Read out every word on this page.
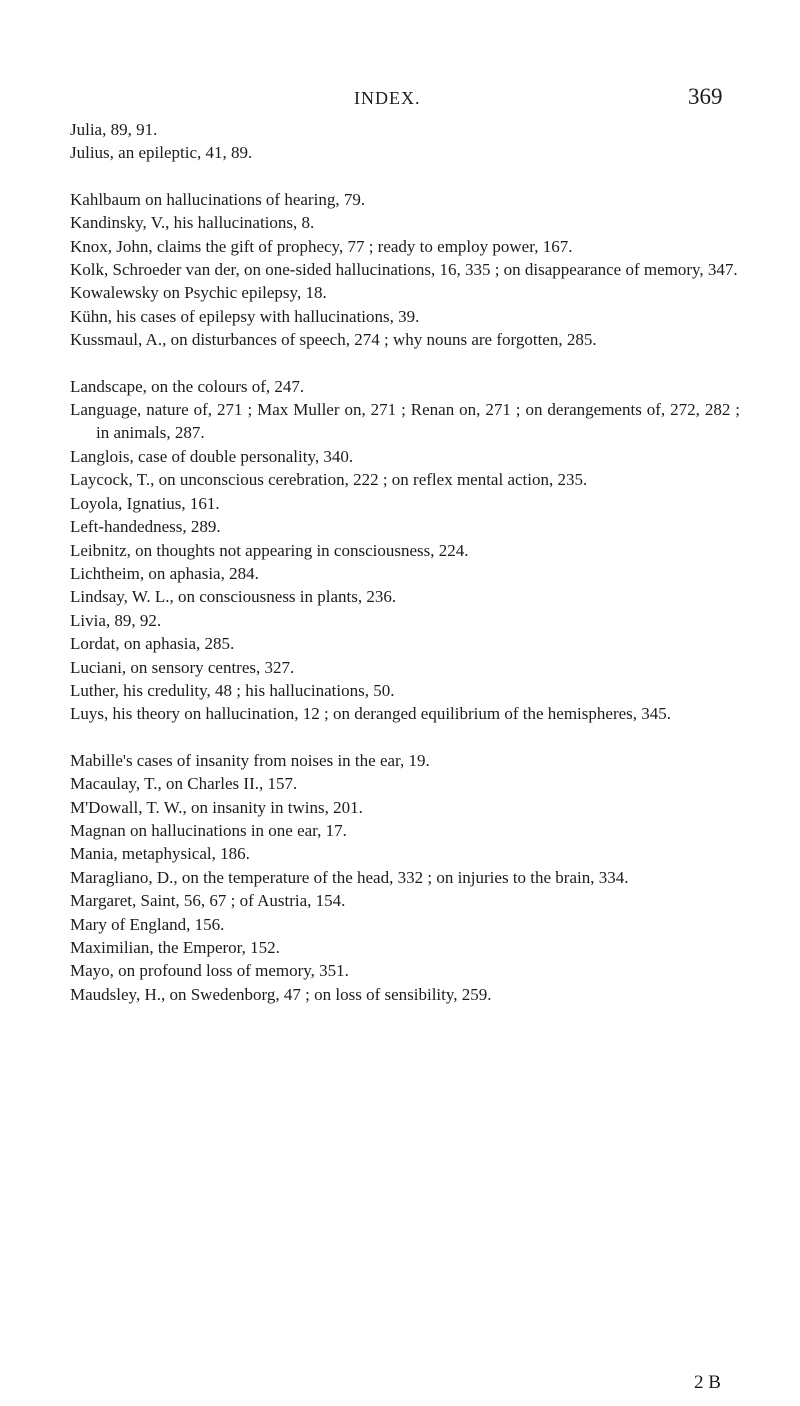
INDEX.	369

Julia, 89, 91.

Julius, an epileptic, 41, 89.

Kahlbaum on hallucinations of hearing, 79.

Kandinsky, V., his hallucinations, 8.

Knox, John, claims the gift of prophecy, 77 ; ready to employ power, 167.

Kolk, Schroeder van der, on one-sided hallucinations, 16, 335 ; on disappearance of memory, 347.

Kowalewsky on Psychic epilepsy, 18.

Kühn, his cases of epilepsy with hallucinations, 39.

Kussmaul, A., on disturbances of speech, 274 ; why nouns are forgotten, 285.

Landscape, on the colours of, 247.

Language, nature of, 271 ; Max Muller on, 271 ; Renan on, 271 ; on derangements of, 272, 282 ; in animals, 287.

Langlois, case of double personality, 340.

Laycock, T., on unconscious cerebration, 222 ; on reflex mental action, 235.

Loyola, Ignatius, 161.

Left-handedness, 289.

Leibnitz, on thoughts not appearing in consciousness, 224.

Lichtheim, on aphasia, 284.

Lindsay, W. L., on consciousness in plants, 236.

Livia, 89, 92.

Lordat, on aphasia, 285.

Luciani, on sensory centres, 327.

Luther, his credulity, 48 ; his hallucinations, 50.

Luys, his theory on hallucination, 12 ; on deranged equilibrium of the hemispheres, 345.

Mabille's cases of insanity from noises in the ear, 19.

Macaulay, T., on Charles II., 157.

M'Dowall, T. W., on insanity in twins, 201.

Magnan on hallucinations in one ear, 17.

Mania, metaphysical, 186.

Maragliano, D., on the temperature of the head, 332 ; on injuries to the brain, 334.

Margaret, Saint, 56, 67 ; of Austria, 154.

Mary of England, 156.

Maximilian, the Emperor, 152.

Mayo, on profound loss of memory, 351.

Maudsley, H., on Swedenborg, 47 ; on loss of sensibility, 259.

2 B
